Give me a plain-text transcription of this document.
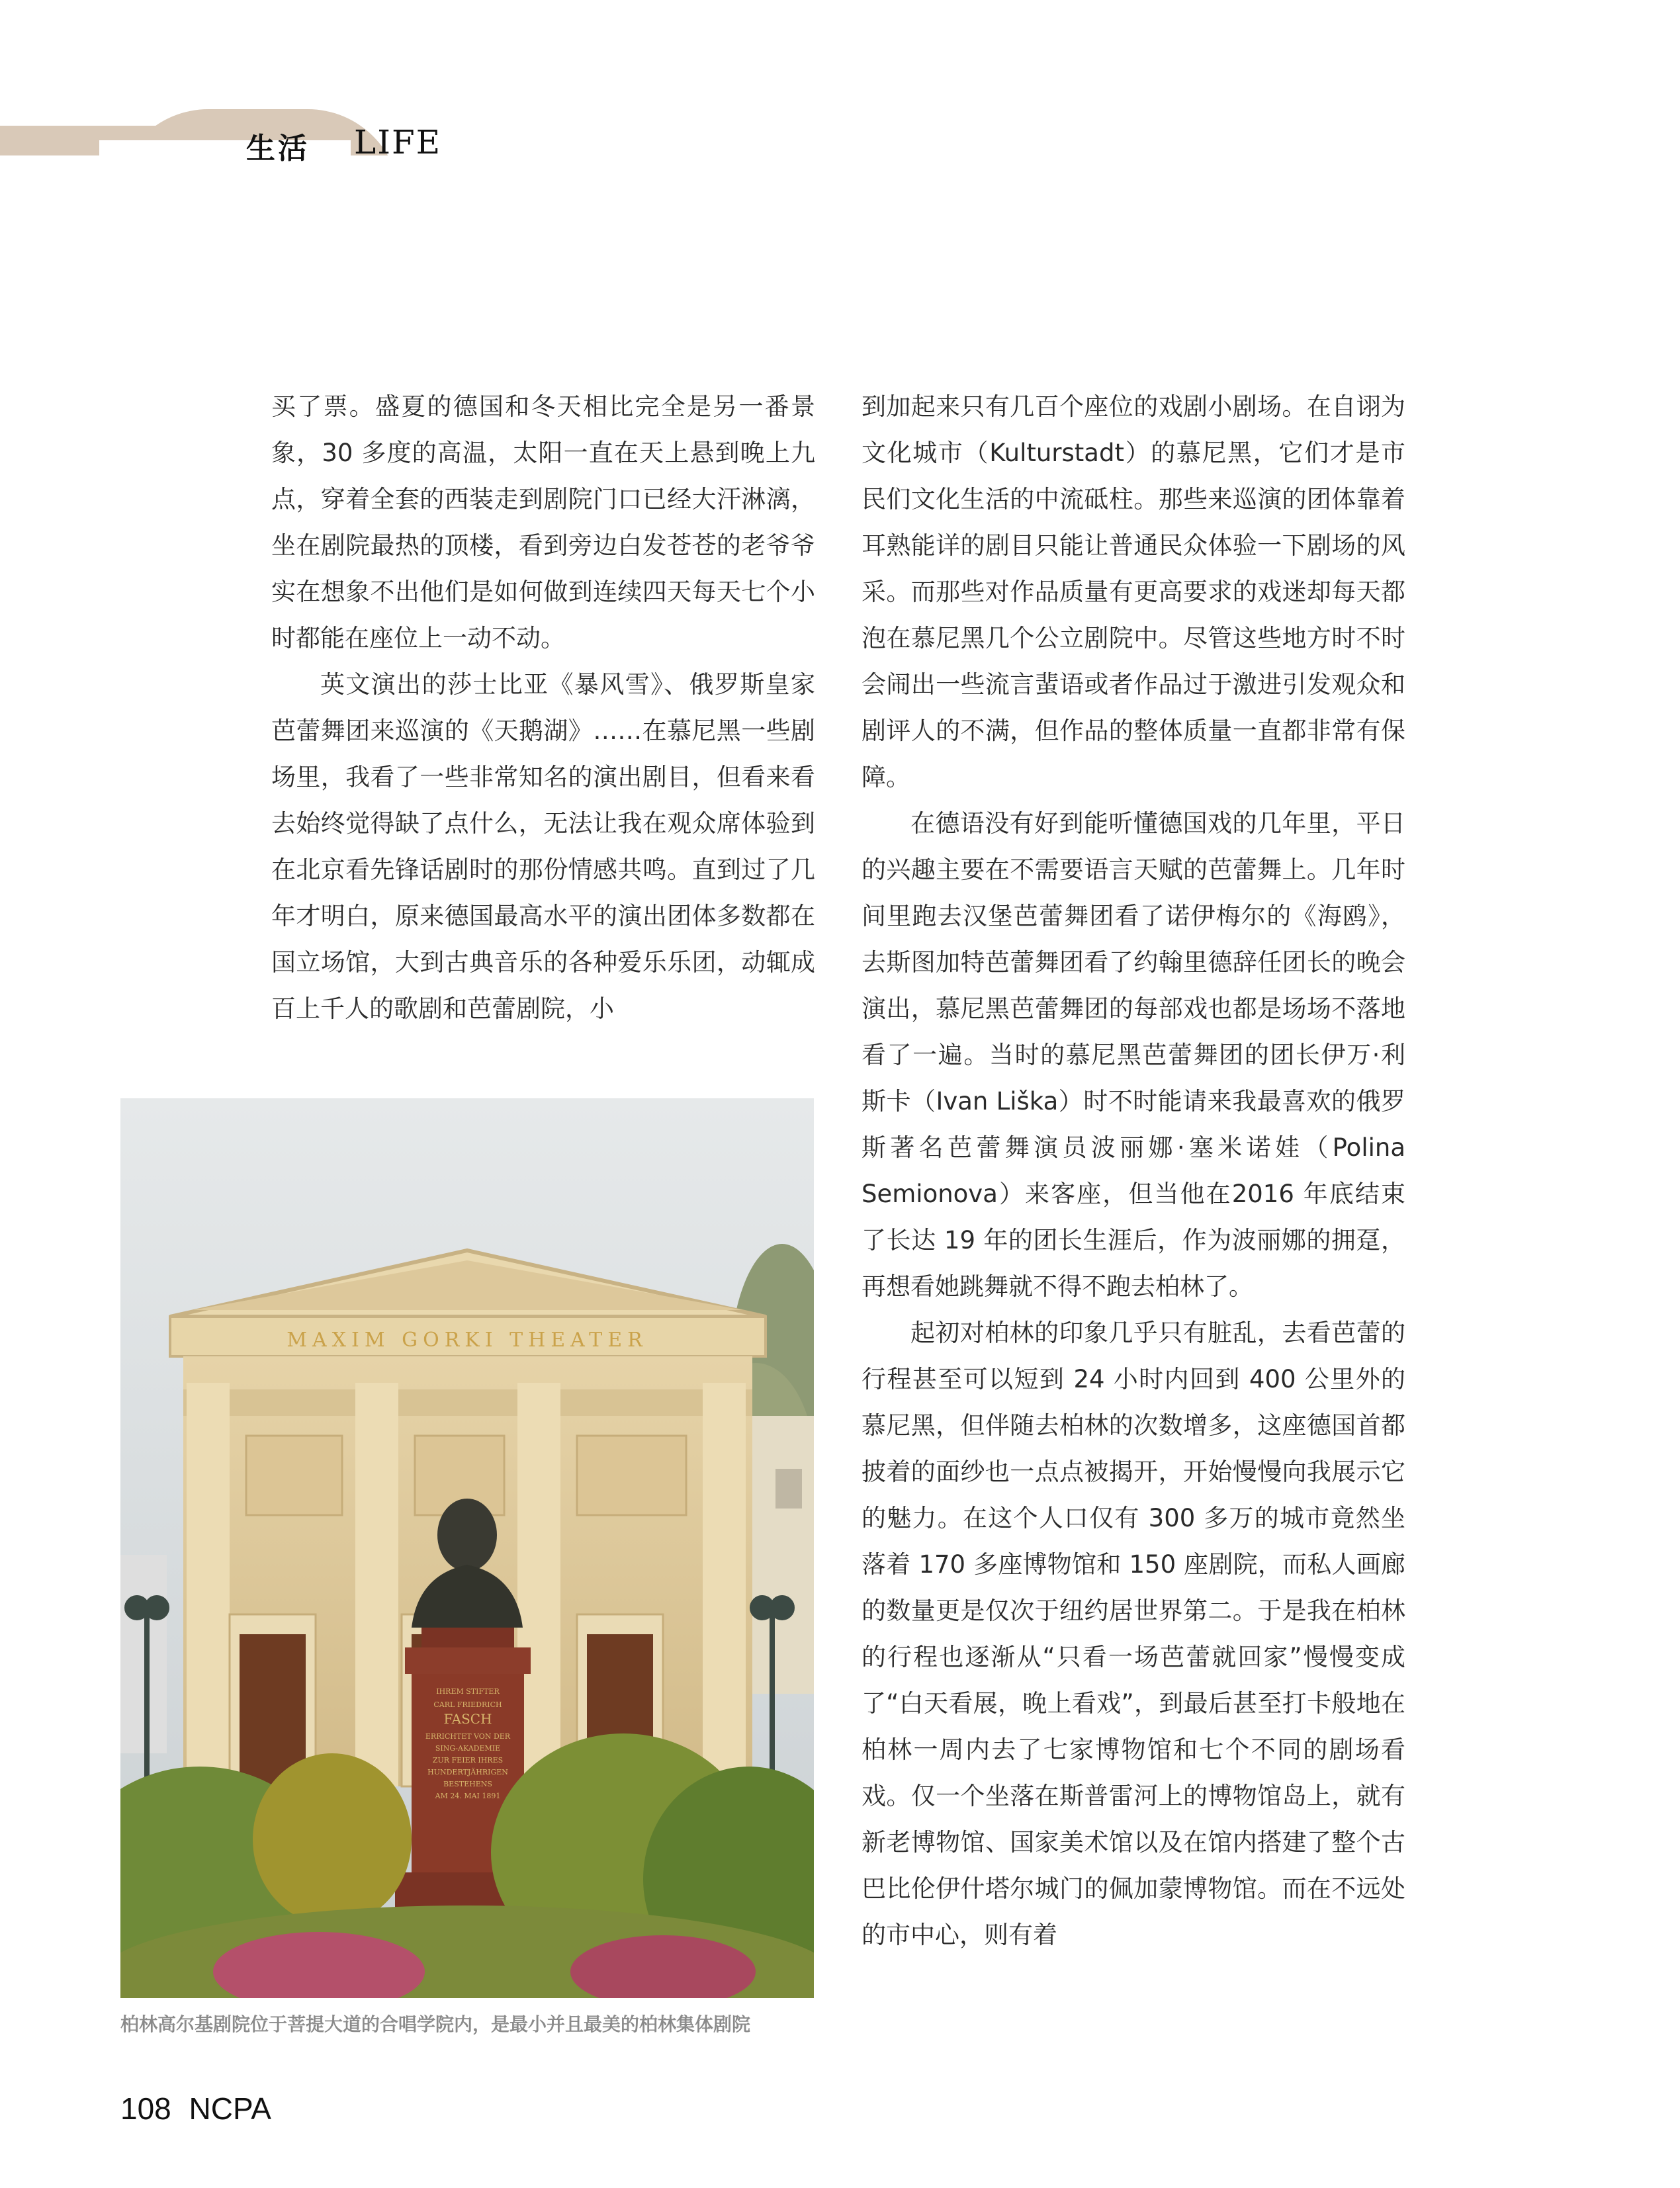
生活 LIFE

买了票。盛夏的德国和冬天相比完全是另一番景象，30 多度的高温，太阳一直在天上悬到晚上九点，穿着全套的西装走到剧院门口已经大汗淋漓，坐在剧院最热的顶楼，看到旁边白发苍苍的老爷爷实在想象不出他们是如何做到连续四天每天七个小时都能在座位上一动不动。

英文演出的莎士比亚《暴风雪》、俄罗斯皇家芭蕾舞团来巡演的《天鹅湖》……在慕尼黑一些剧场里，我看了一些非常知名的演出剧目，但看来看去始终觉得缺了点什么，无法让我在观众席体验到在北京看先锋话剧时的那份情感共鸣。直到过了几年才明白，原来德国最高水平的演出团体多数都在国立场馆，大到古典音乐的各种爱乐乐团，动辄成百上千人的歌剧和芭蕾剧院，小

到加起来只有几百个座位的戏剧小剧场。在自诩为文化城市（Kulturstadt）的慕尼黑，它们才是市民们文化生活的中流砥柱。那些来巡演的团体靠着耳熟能详的剧目只能让普通民众体验一下剧场的风采。而那些对作品质量有更高要求的戏迷却每天都泡在慕尼黑几个公立剧院中。尽管这些地方时不时会闹出一些流言蜚语或者作品过于激进引发观众和剧评人的不满，但作品的整体质量一直都非常有保障。

在德语没有好到能听懂德国戏的几年里，平日的兴趣主要在不需要语言天赋的芭蕾舞上。几年时间里跑去汉堡芭蕾舞团看了诺伊梅尔的《海鸥》，去斯图加特芭蕾舞团看了约翰里德辞任团长的晚会演出，慕尼黑芭蕾舞团的每部戏也都是场场不落地看了一遍。当时的慕尼黑芭蕾舞团的团长伊万·利斯卡（Ivan Liška）时不时能请来我最喜欢的俄罗斯著名芭蕾舞演员波丽娜·塞米诺娃（Polina Semionova）来客座，但当他在2016 年底结束了长达 19 年的团长生涯后，作为波丽娜的拥趸，再想看她跳舞就不得不跑去柏林了。

起初对柏林的印象几乎只有脏乱，去看芭蕾的行程甚至可以短到 24 小时内回到 400 公里外的慕尼黑，但伴随去柏林的次数增多，这座德国首都披着的面纱也一点点被揭开，开始慢慢向我展示它的魅力。在这个人口仅有 300 多万的城市竟然坐落着 170 多座博物馆和 150 座剧院，而私人画廊的数量更是仅次于纽约居世界第二。于是我在柏林的行程也逐渐从“只看一场芭蕾就回家”慢慢变成了“白天看展，晚上看戏”，到最后甚至打卡般地在柏林一周内去了七家博物馆和七个不同的剧场看戏。仅一个坐落在斯普雷河上的博物馆岛上，就有新老博物馆、国家美术馆以及在馆内搭建了整个古巴比伦伊什塔尔城门的佩加蒙博物馆。而在不远处的市中心，则有着

MAXIM GORKI THEATER
IHREM STIFTER
CARL FRIEDRICH
FASCH
ERRICHTET VON DER
SING-AKADEMIE
ZUR FEIER IHRES
HUNDERTJÄHRIGEN
BESTEHENS
AM 24. MAI 1891
柏林高尔基剧院位于菩提大道的合唱学院内，是最小并且最美的柏林集体剧院
108 NCPA
